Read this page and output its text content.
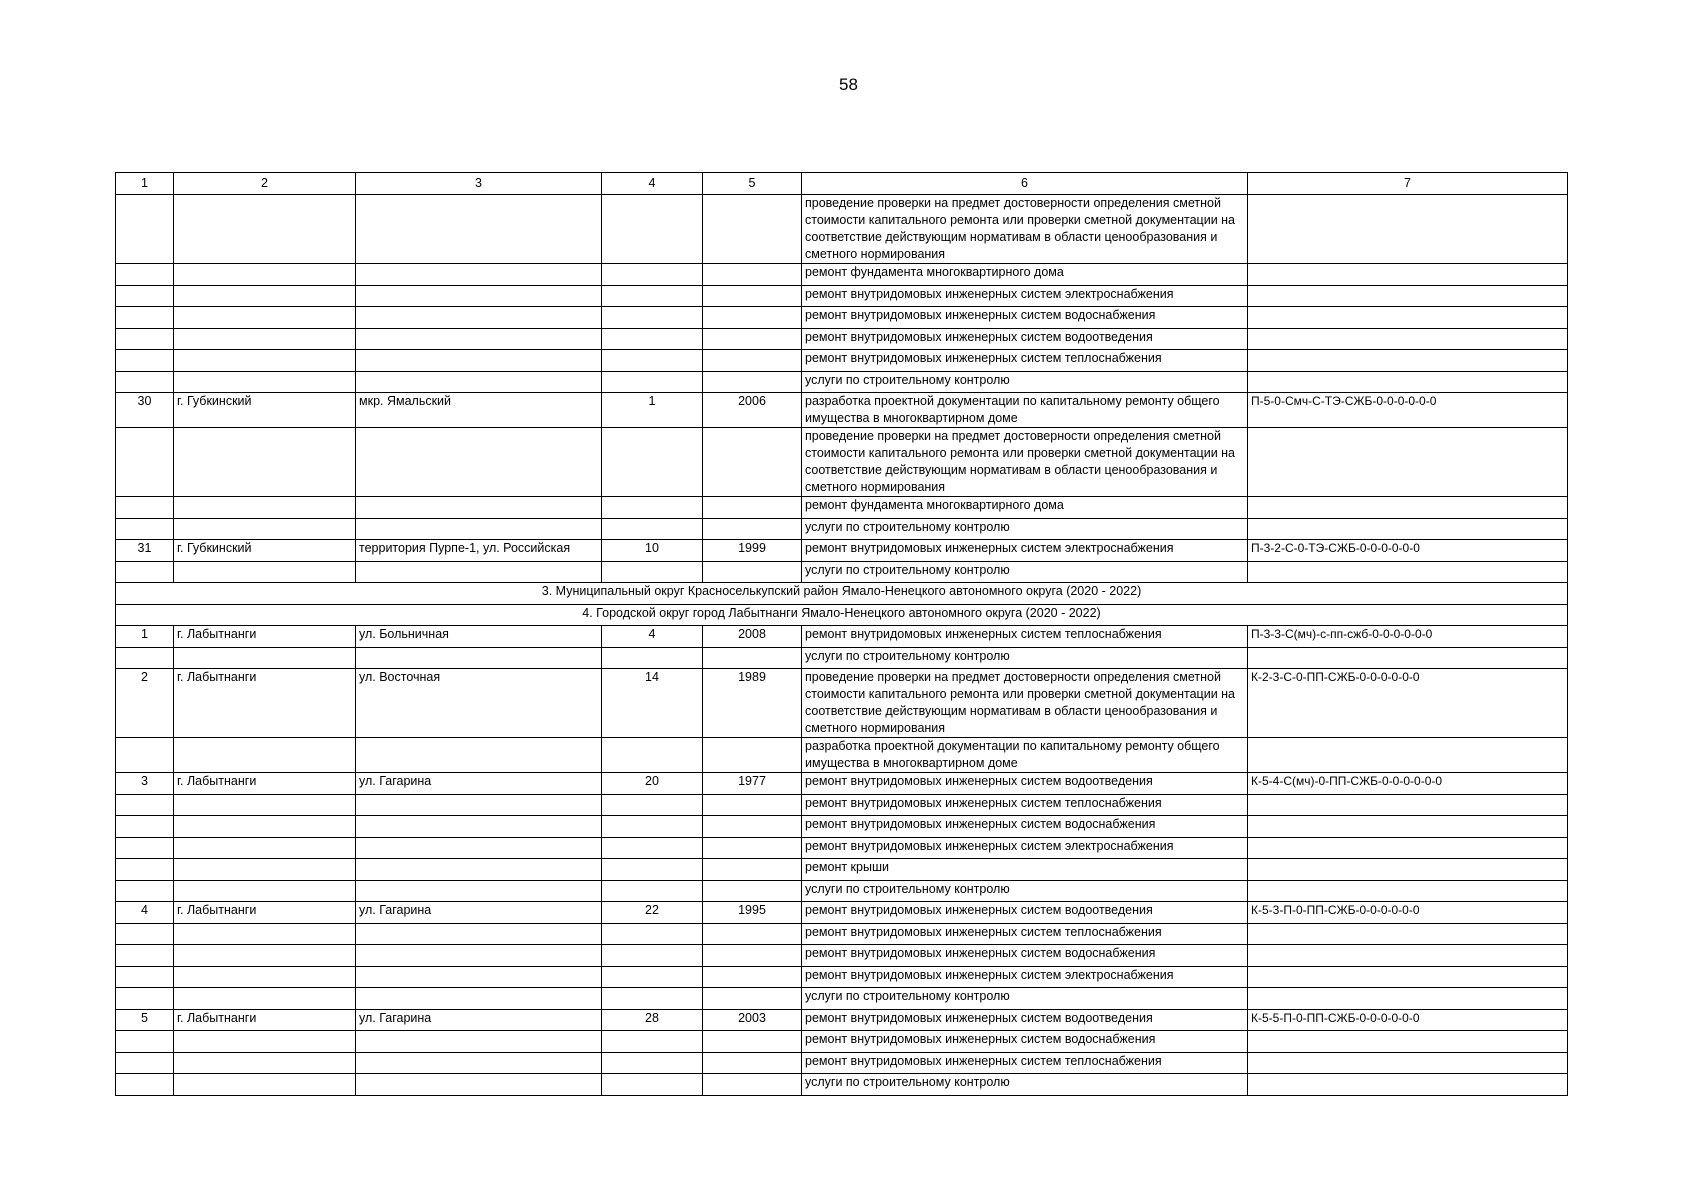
58
1	2	3	4	5	6	7
					проведение проверки на предмет достоверности определения сметной стоимости капитального ремонта или проверки сметной документации на соответствие действующим нормативам в области ценообразования и сметного нормирования	
					ремонт фундамента многоквартирного дома	
					ремонт внутридомовых инженерных систем электроснабжения	
					ремонт внутридомовых инженерных систем водоснабжения	
					ремонт внутридомовых инженерных систем водоотведения	
					ремонт внутридомовых инженерных систем теплоснабжения	
					услуги по строительному контролю	
30	г. Губкинский	мкр. Ямальский	1	2006	разработка проектной документации по капитальному ремонту общего имущества в многоквартирном доме	П-5-0-Смч-С-ТЭ-СЖБ-0-0-0-0-0-0
					проведение проверки на предмет достоверности определения сметной стоимости капитального ремонта или проверки сметной документации на соответствие действующим нормативам в области ценообразования и сметного нормирования	
					ремонт фундамента многоквартирного дома	
					услуги по строительному контролю	
31	г. Губкинский	территория Пурпе-1, ул. Российская	10	1999	ремонт внутридомовых инженерных систем электроснабжения	П-3-2-С-0-ТЭ-СЖБ-0-0-0-0-0-0
					услуги по строительному контролю	
3. Муниципальный округ Красноселькупский район Ямало-Ненецкого автономного округа (2020 - 2022)						
4. Городской округ город Лабытнанги Ямало-Ненецкого автономного округа (2020 - 2022)						
1	г. Лабытнанги	ул. Больничная	4	2008	ремонт внутридомовых инженерных систем теплоснабжения	П-3-3-С(мч)-с-пп-сжб-0-0-0-0-0-0
					услуги по строительному контролю	
2	г. Лабытнанги	ул. Восточная	14	1989	проведение проверки на предмет достоверности определения сметной стоимости капитального ремонта или проверки сметной документации на соответствие действующим нормативам в области ценообразования и сметного нормирования	К-2-3-С-0-ПП-СЖБ-0-0-0-0-0-0
					разработка проектной документации по капитальному ремонту общего имущества в многоквартирном доме	
3	г. Лабытнанги	ул. Гагарина	20	1977	ремонт внутридомовых инженерных систем водоотведения	К-5-4-С(мч)-0-ПП-СЖБ-0-0-0-0-0-0
					ремонт внутридомовых инженерных систем теплоснабжения	
					ремонт внутридомовых инженерных систем водоснабжения	
					ремонт внутридомовых инженерных систем электроснабжения	
					ремонт крыши	
					услуги по строительному контролю	
4	г. Лабытнанги	ул. Гагарина	22	1995	ремонт внутридомовых инженерных систем водоотведения	К-5-3-П-0-ПП-СЖБ-0-0-0-0-0-0
					ремонт внутридомовых инженерных систем теплоснабжения	
					ремонт внутридомовых инженерных систем водоснабжения	
					ремонт внутридомовых инженерных систем электроснабжения	
					услуги по строительному контролю	
5	г. Лабытнанги	ул. Гагарина	28	2003	ремонт внутридомовых инженерных систем водоотведения	К-5-5-П-0-ПП-СЖБ-0-0-0-0-0-0
					ремонт внутридомовых инженерных систем водоснабжения	
					ремонт внутридомовых инженерных систем теплоснабжения	
					услуги по строительному контролю	
